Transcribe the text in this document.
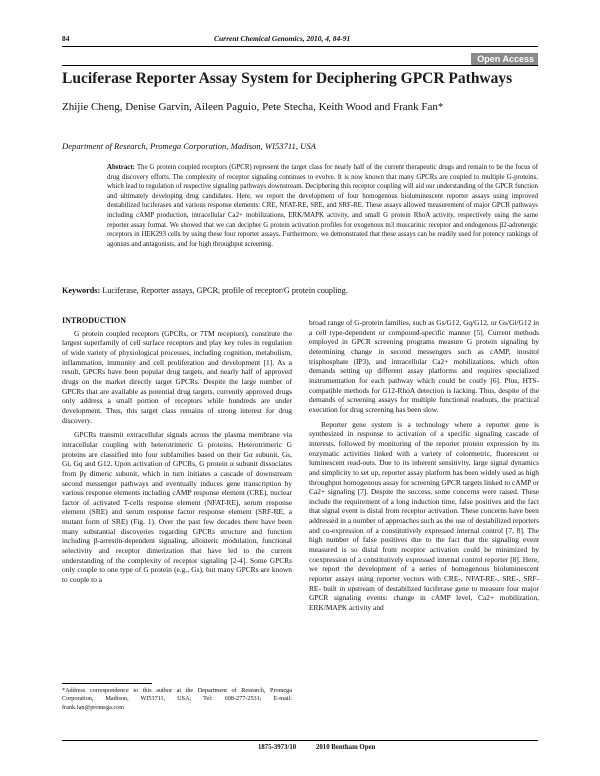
84	Current Chemical Genomics, 2010, 4, 84-91
Open Access
Luciferase Reporter Assay System for Deciphering GPCR Pathways
Zhijie Cheng, Denise Garvin, Aileen Paguio, Pete Stecha, Keith Wood and Frank Fan*
Department of Research, Promega Corporation, Madison, WI53711, USA

Abstract: The G protein coupled receptors (GPCR) represent the target class for nearly half of the current therapeutic drugs and remain to be the focus of drug discovery efforts. The complexity of receptor signaling continues to evolve. It is now known that many GPCRs are coupled to multiple G-proteins, which lead to regulation of respective signaling pathways downstream. Deciphering this receptor coupling will aid our understanding of the GPCR function and ultimately developing drug candidates. Here, we report the development of four homogenous bioluminescent reporter assays using improved destabilized luciferases and various response elements: CRE, NFAT-RE, SRE, and SRF-RE. These assays allowed measurement of major GPCR pathways including cAMP production, intracellular Ca2+ mobilizations, ERK/MAPK activity, and small G protein RhoA activity, respectively using the same reporter assay format. We showed that we can decipher G protein activation profiles for exogenous m3 muscarinic receptor and endogenous β2-adrenergic receptors in HEK293 cells by using these four reporter assays. Furthermore, we demonstrated that these assays can be readily used for potency rankings of agonists and antagonists, and for high throughput screening.

Keywords: Luciferase, Reporter assays, GPCR, profile of receptor/G protein coupling.
INTRODUCTION

G protein coupled receptors (GPCRs, or 7TM receptors), constitute the largest superfamily of cell surface receptors and play key roles in regulation of wide variety of physiological processes, including cognition, metabolism, inflammation, immunity and cell proliferation and development [1]. As a result, GPCRs have been popular drug targets, and nearly half of approved drugs on the market directly target GPCRs. Despite the large number of GPCRs that are available as potential drug targets, currently approved drugs only address a small portion of receptors while hundreds are under development. Thus, this target class remains of strong interest for drug discovery.

GPCRs transmit extracellular signals across the plasma membrane via intracellular coupling with heterotrimeric G proteins. Heterotrimeric G proteins are classified into four subfamilies based on their Gα subunit, Gs, Gi, Gq and G12. Upon activation of GPCRs, G protein α subunit dissociates from βγ dimeric subunit, which in turn initiates a cascade of downstream second messenger pathways and eventually induces gene transcription by various response elements including cAMP response element (CRE), nuclear factor of activated T-cells response element (NFAT-RE), serum response element (SRE) and serum response factor response element (SRF-RE, a mutant form of SRE) (Fig. 1). Over the past few decades there have been many substantial discoveries regarding GPCRs structure and function including β-arrestin-dependent signaling, allosteric modulation, functional selectivity and receptor dimerization that have led to the current understanding of the complexity of receptor signaling [2-4]. Some GPCRs only couple to one type of G protein (e.g., Gs), but many GPCRs are known to couple to a

broad range of G-protein families, such as Gs/G12, Gq/G12, or Gs/Gi/G12 in a cell type-dependent or compound-specific manner [5]. Current methods employed in GPCR screening programs measure G protein signaling by determining change in second messengers such as cAMP, inositol trisphosphate (IP3), and intracellular Ca2+ mobilizations, which often demands setting up different assay platforms and requires specialized instrumentation for each pathway which could be costly [6]. Plus, HTS-compatible methods for G12-RhoA detection is lacking. Thus, despite of the demands of screening assays for multiple functional readouts, the practical execution for drug screening has been slow.

Reporter gene system is a technology where a reporter gene is synthesized in response to activation of a specific signaling cascade of interests, followed by monitoring of the reporter protein expression by its enzymatic activities linked with a variety of colormetric, fluorescent or luminescent read-outs. Due to its inherent sensitivity, large signal dynamics and simplicity to set up, reporter assay platform has been widely used as high throughput homogenous assay for screening GPCR targets linked to cAMP or Ca2+ signaling [7]. Despite the success, some concerns were raised. These include the requirement of a long induction time, false positives and the fact that signal event is distal from receptor activation. These concerns have been addressed in a number of approaches such as the use of destabilized reporters and co-expression of a constitutively expressed internal control [7, 8]. The high number of false positives due to the fact that the signaling event measured is so distal from receptor activation could be minimized by coexpression of a constitutively expressed internal control reporter [8]. Here, we report the development of a series of homogenous bioluminescent reporter assays using reporter vectors with CRE-, NFAT-RE-, SRE-, SRF-RE- built in upstream of destabilized luciferase gene to measure four major GPCR signaling events: change in cAMP level, Ca2+ mobilization, ERK/MAPK activity and

*Address correspondence to this author at the Department of Research, Promega Corporation, Madison, WI53711, USA; Tel: 608-277-2531; E-mail: frank.fan@promega.com
1875-3973/10	2010 Bentham Open
